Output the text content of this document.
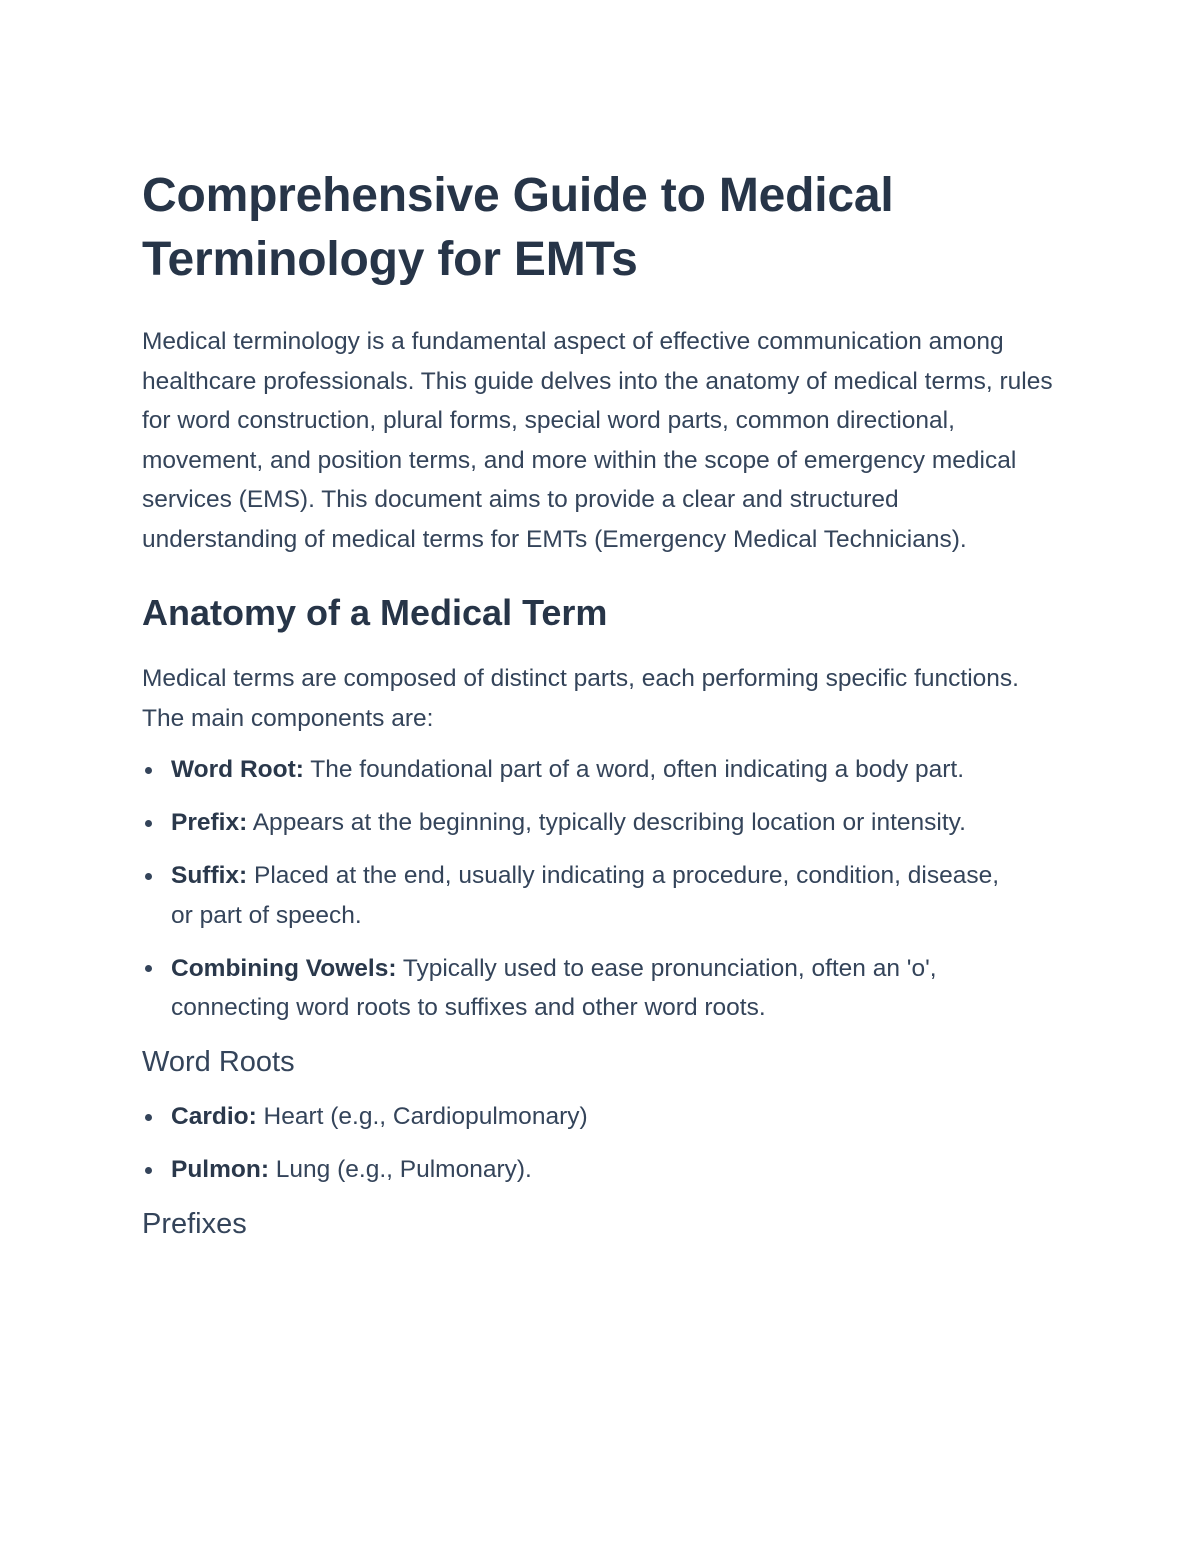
Comprehensive Guide to Medical Terminology for EMTs

Medical terminology is a fundamental aspect of effective communication among healthcare professionals. This guide delves into the anatomy of medical terms, rules for word construction, plural forms, special word parts, common directional, movement, and position terms, and more within the scope of emergency medical services (EMS). This document aims to provide a clear and structured understanding of medical terms for EMTs (Emergency Medical Technicians).

Anatomy of a Medical Term

Medical terms are composed of distinct parts, each performing specific functions. The main components are:

Word Root: The foundational part of a word, often indicating a body part.
Prefix: Appears at the beginning, typically describing location or intensity.
Suffix: Placed at the end, usually indicating a procedure, condition, disease, or part of speech.
Combining Vowels: Typically used to ease pronunciation, often an 'o', connecting word roots to suffixes and other word roots.
Word Roots
Cardio: Heart (e.g., Cardiopulmonary)
Pulmon: Lung (e.g., Pulmonary).
Prefixes
